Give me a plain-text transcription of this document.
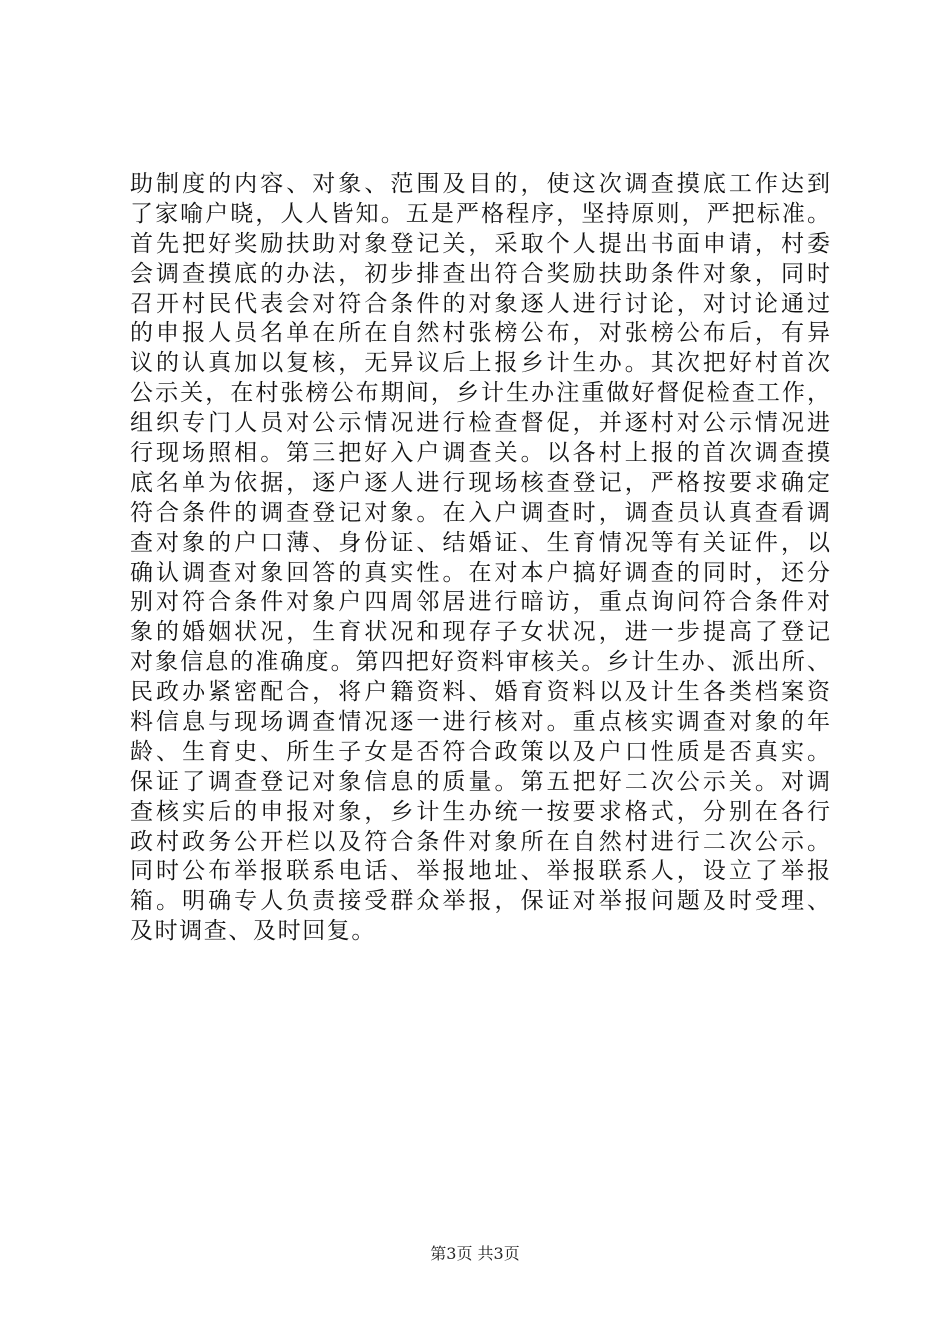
助制度的内容、对象、范围及目的，使这次调查摸底工作达到
了家喻户晓，人人皆知。五是严格程序，坚持原则，严把标准。
首先把好奖励扶助对象登记关，采取个人提出书面申请，村委
会调查摸底的办法，初步排查出符合奖励扶助条件对象，同时
召开村民代表会对符合条件的对象逐人进行讨论，对讨论通过
的申报人员名单在所在自然村张榜公布，对张榜公布后，有异
议的认真加以复核，无异议后上报乡计生办。其次把好村首次
公示关，在村张榜公布期间，乡计生办注重做好督促检查工作，
组织专门人员对公示情况进行检查督促，并逐村对公示情况进
行现场照相。第三把好入户调查关。以各村上报的首次调查摸
底名单为依据，逐户逐人进行现场核查登记，严格按要求确定
符合条件的调查登记对象。在入户调查时，调查员认真查看调
查对象的户口薄、身份证、结婚证、生育情况等有关证件，以
确认调查对象回答的真实性。在对本户搞好调查的同时，还分
别对符合条件对象户四周邻居进行暗访，重点询问符合条件对
象的婚姻状况，生育状况和现存子女状况，进一步提高了登记
对象信息的准确度。第四把好资料审核关。乡计生办、派出所、
民政办紧密配合，将户籍资料、婚育资料以及计生各类档案资
料信息与现场调查情况逐一进行核对。重点核实调查对象的年
龄、生育史、所生子女是否符合政策以及户口性质是否真实。
保证了调查登记对象信息的质量。第五把好二次公示关。对调
查核实后的申报对象，乡计生办统一按要求格式，分别在各行
政村政务公开栏以及符合条件对象所在自然村进行二次公示。
同时公布举报联系电话、举报地址、举报联系人，设立了举报
箱。明确专人负责接受群众举报，保证对举报问题及时受理、
及时调查、及时回复。
第3页 共3页
